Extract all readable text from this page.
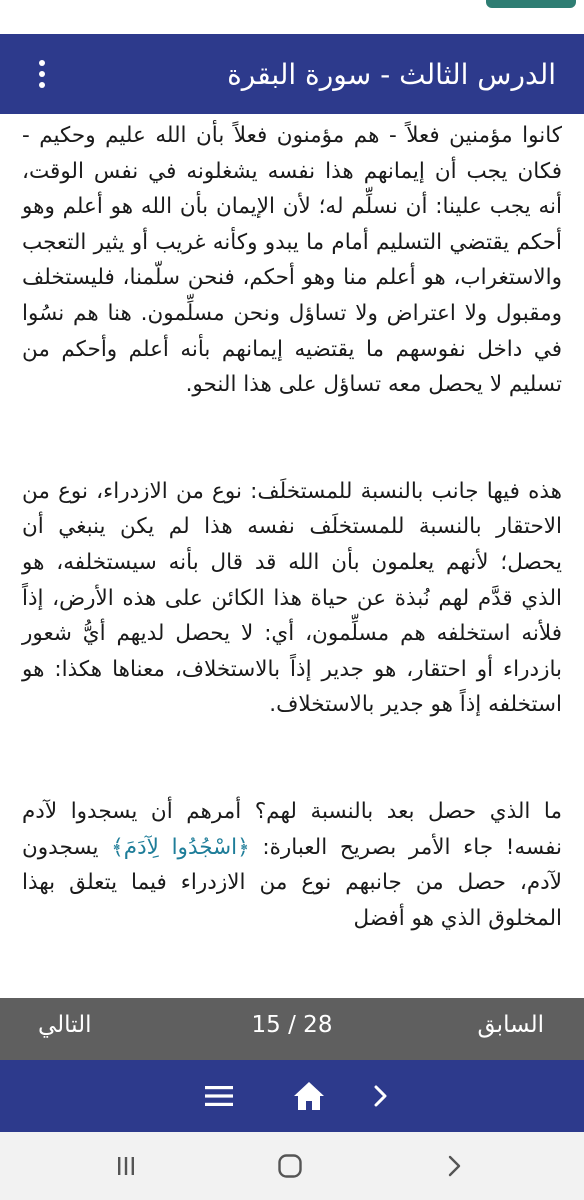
الدرس الثالث - سورة البقرة

كانوا مؤمنين فعلاً - هم مؤمنون فعلاً بأن الله عليم وحكيم - فكان يجب أن إيمانهم هذا نفسه يشغلونه في نفس الوقت، أنه يجب علينا: أن نسلِّم له؛ لأن الإيمان بأن الله هو أعلم وهو أحكم يقتضي التسليم أمام ما يبدو وكأنه غريب أو يثير التعجب والاستغراب، هو أعلم منا وهو أحكم، فنحن سلّمنا، فليستخلف ومقبول ولا اعتراض ولا تساؤل ونحن مسلِّمون. هنا هم نسُوا في داخل نفوسهم ما يقتضيه إيمانهم بأنه أعلم وأحكم من تسليم لا يحصل معه تساؤل على هذا النحو.

هذه فيها جانب بالنسبة للمستخلَف: نوع من الازدراء، نوع من الاحتقار بالنسبة للمستخلَف نفسه هذا لم يكن ينبغي أن يحصل؛ لأنهم يعلمون بأن الله قد قال بأنه سيستخلفه، هو الذي قدَّم لهم نُبذة عن حياة هذا الكائن على هذه الأرض، إذاً فلأنه استخلفه هم مسلِّمون، أي: لا يحصل لديهم أيُّ شعور بازدراء أو احتقار، هو جدير إذاً بالاستخلاف، معناها هكذا: هو استخلفه إذاً هو جدير بالاستخلاف.

ما الذي حصل بعد بالنسبة لهم؟ أمرهم أن يسجدوا لآدم نفسه! جاء الأمر بصريح العبارة: ﴿اسْجُدُوا لِآدَمَ﴾ يسجدون لآدم، حصل من جانبهم نوع من الازدراء فيما يتعلق بهذا المخلوق الذي هو أفضل

التالي	15 / 28	السابق
